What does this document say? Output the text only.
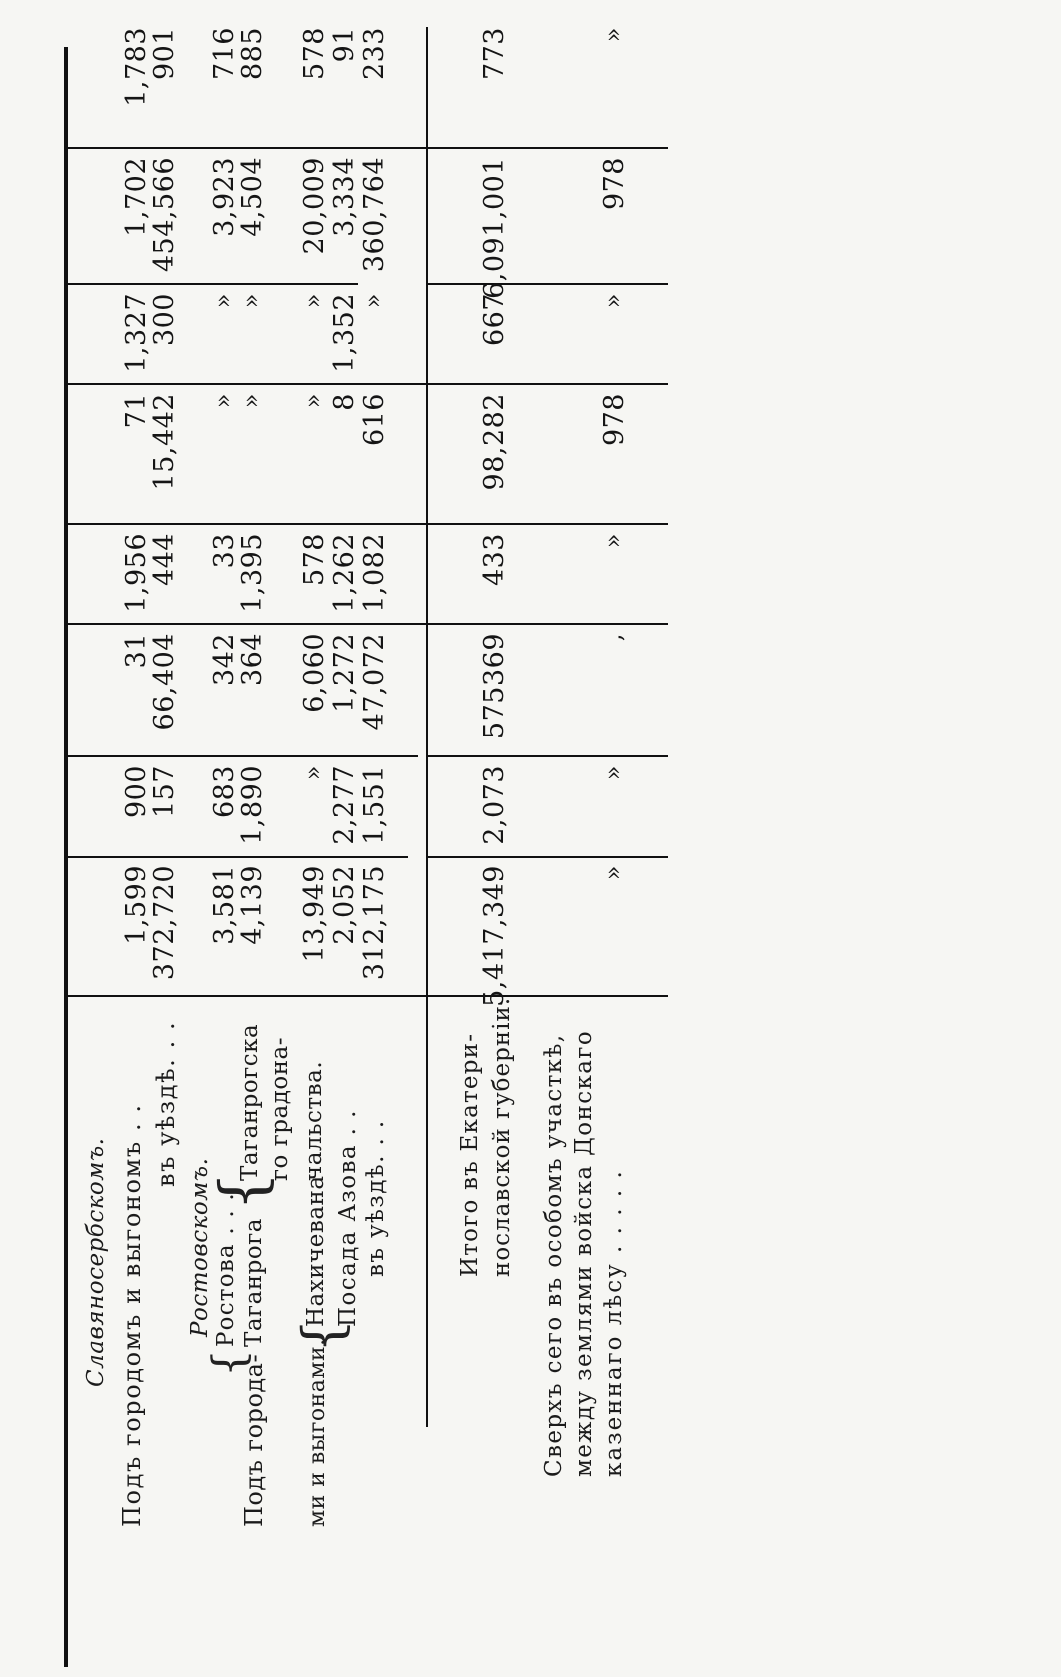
Славяносербскомъ. Подъ городомъ и выгономъ . . въ уѣздѣ. . .
Ростовскомъ.
Подъ города-
{
Ростова . . . Таганрога
{
Таганрогска го градона- чальства.
ми и выгонами.
{
Нахичевана Посада Азова . . въ уѣздѣ. . .	Итого въ Екатери- нославской губерніи. Сверхъ сего въ особомъ участкѣ, между землями войска Донскаго казеннаго лѣсу . . . . .
1,599
900
31
1,956
71
1,327
1,702
1,783
372,720
157
66,404
444
15,442
300
454,566
901
3,581
683
342
33
»
»
3,923
716
4,139
1,890
364
1,395
»
»
4,504
885
13,949
»
6,060
578
»
»
20,009
578
2,052
2,277
1,272
1,262
8
1,352
3,334
91
312,175
1,551
47,072
1,082
616
»
360,764
233
5,417,349
2,073
575369
433
98,282
667
6,091,001
773
»
»
,
»
978
»
978
»
